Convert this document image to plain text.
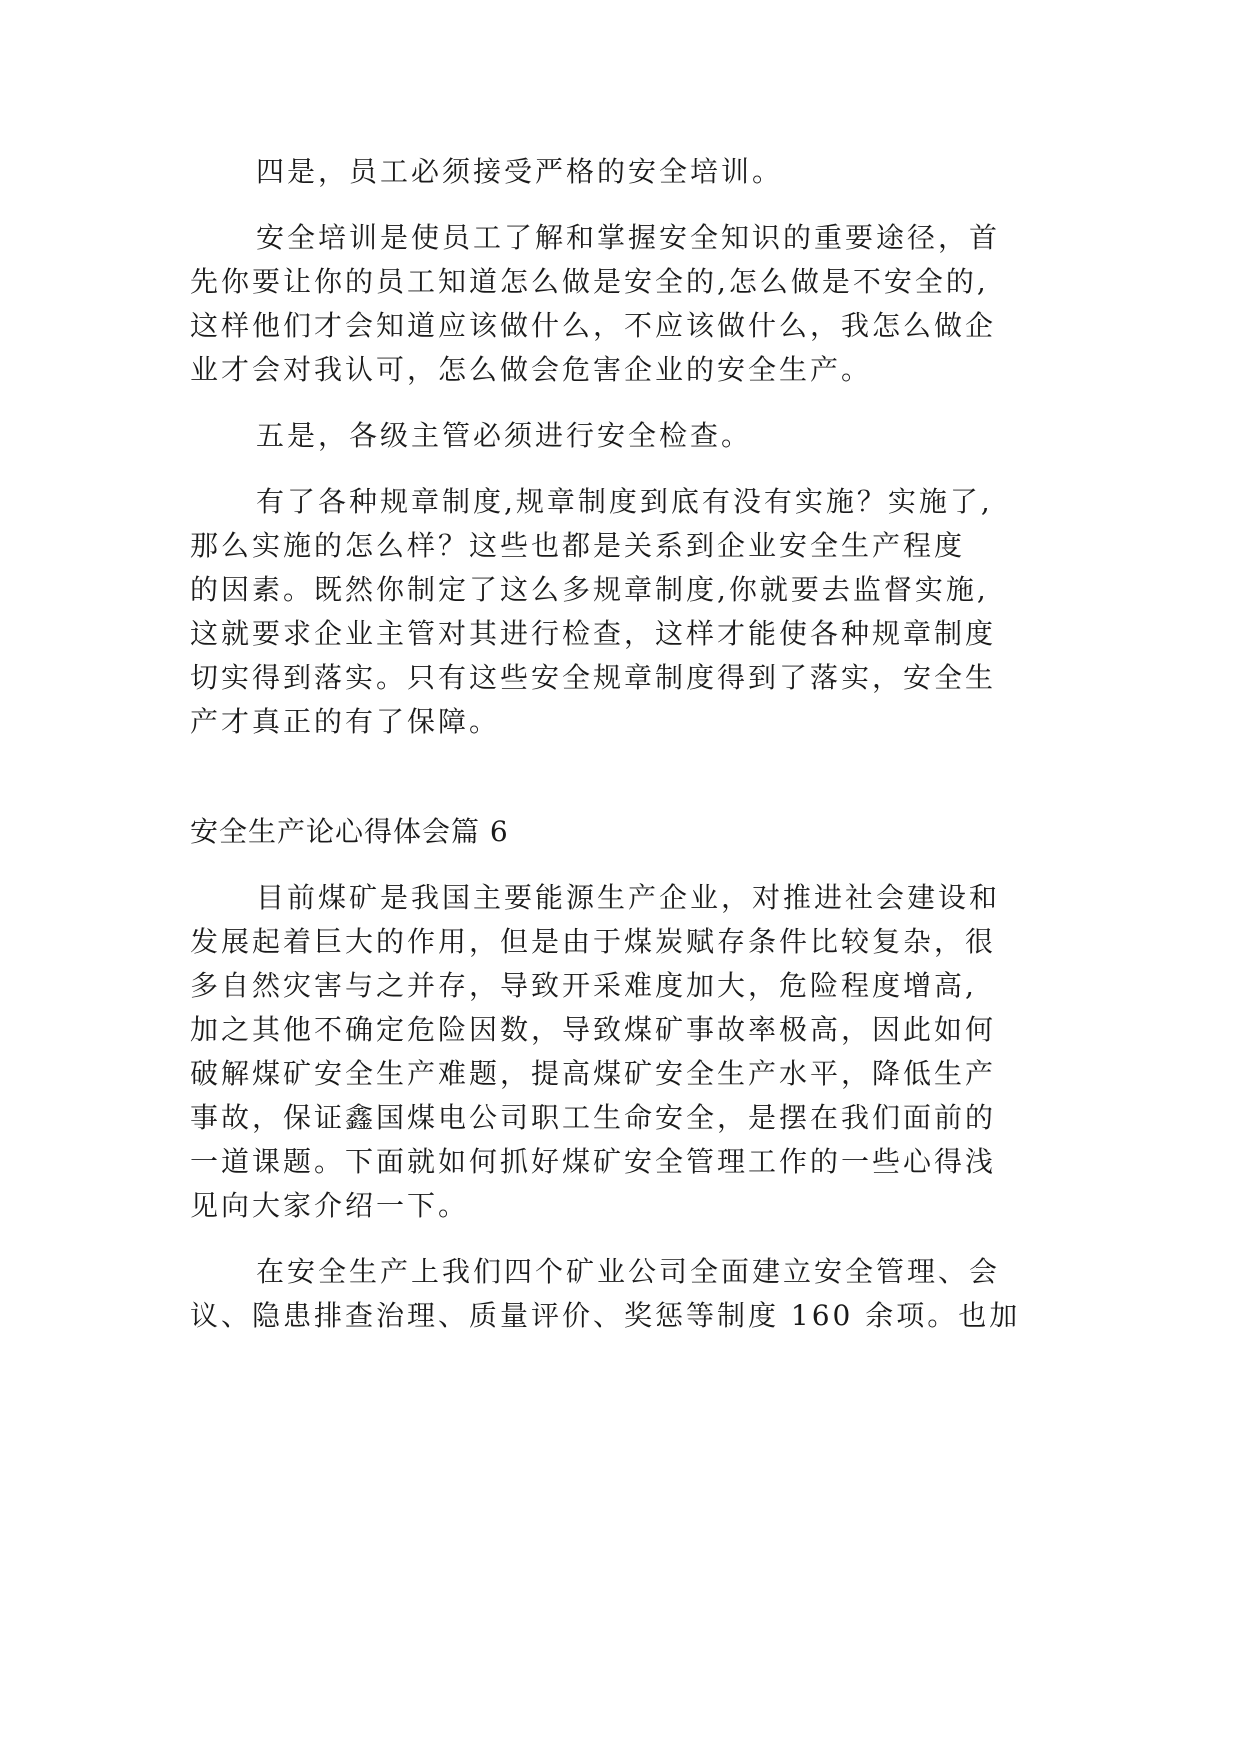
四是，员工必须接受严格的安全培训。
安全培训是使员工了解和掌握安全知识的重要途径，首
先你要让你的员工知道怎么做是安全的,怎么做是不安全的,
这样他们才会知道应该做什么，不应该做什么，我怎么做企
业才会对我认可，怎么做会危害企业的安全生产。
五是，各级主管必须进行安全检查。
有了各种规章制度,规章制度到底有没有实施？实施了,
那么实施的怎么样？这些也都是关系到企业安全生产程度
的因素。既然你制定了这么多规章制度,你就要去监督实施,
这就要求企业主管对其进行检查，这样才能使各种规章制度
切实得到落实。只有这些安全规章制度得到了落实，安全生
产才真正的有了保障。
安全生产论心得体会篇 6
目前煤矿是我国主要能源生产企业，对推进社会建设和
发展起着巨大的作用，但是由于煤炭赋存条件比较复杂，很
多自然灾害与之并存，导致开采难度加大，危险程度增高,
加之其他不确定危险因数，导致煤矿事故率极高，因此如何
破解煤矿安全生产难题，提高煤矿安全生产水平，降低生产
事故，保证鑫国煤电公司职工生命安全，是摆在我们面前的
一道课题。下面就如何抓好煤矿安全管理工作的一些心得浅
见向大家介绍一下。
在安全生产上我们四个矿业公司全面建立安全管理、会
议、隐患排查治理、质量评价、奖惩等制度 160 余项。也加
